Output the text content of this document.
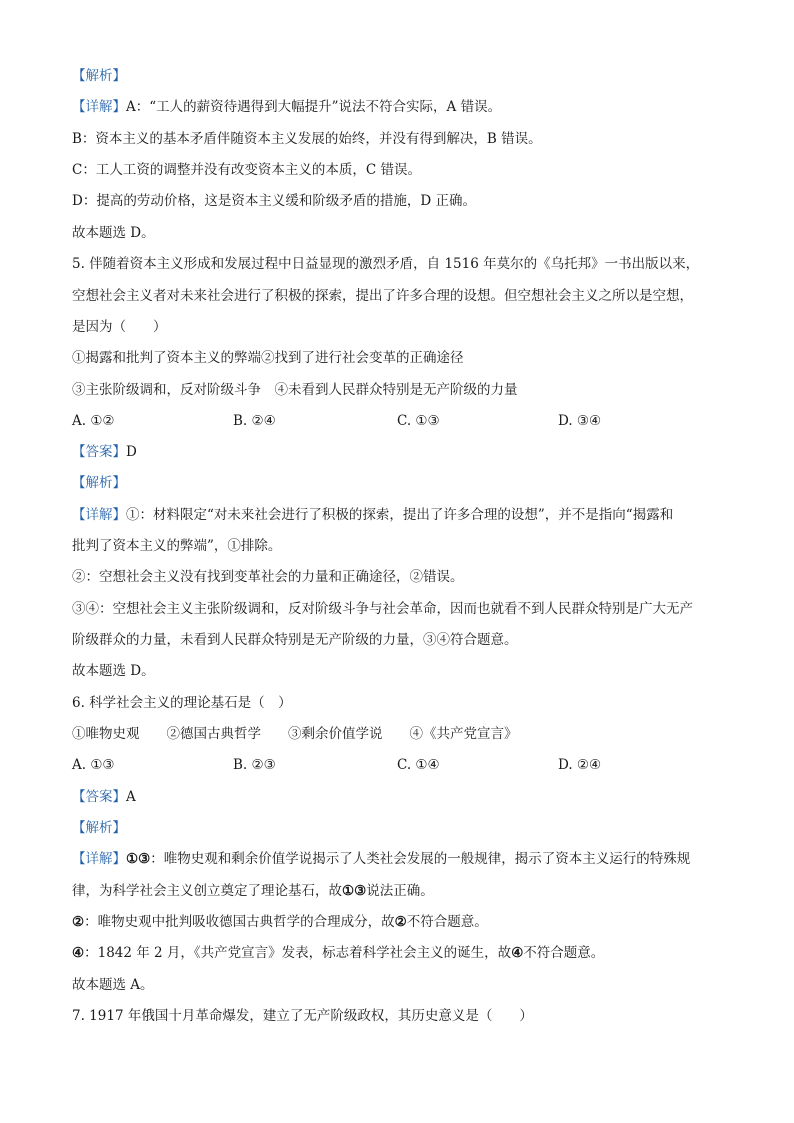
【解析】
【详解】A：“工人的薪资待遇得到大幅提升”说法不符合实际，A 错误。
B：资本主义的基本矛盾伴随资本主义发展的始终，并没有得到解决，B 错误。
C：工人工资的调整并没有改变资本主义的本质，C 错误。
D：提高的劳动价格，这是资本主义缓和阶级矛盾的措施，D 正确。
故本题选 D。
5. 伴随着资本主义形成和发展过程中日益显现的激烈矛盾，自 1516 年莫尔的《乌托邦》一书出版以来，
空想社会主义者对未来社会进行了积极的探索，提出了许多合理的设想。但空想社会主义之所以是空想，
是因为（　　）
①揭露和批判了资本主义的弊端②找到了进行社会变革的正确途径
③主张阶级调和，反对阶级斗争　④未看到人民群众特别是无产阶级的力量
A. ①②	B. ②④	C. ①③	D. ③④
【答案】D
【解析】
【详解】①：材料限定“对未来社会进行了积极的探索，提出了许多合理的设想”，并不是指向“揭露和
批判了资本主义的弊端”，①排除。
②：空想社会主义没有找到变革社会的力量和正确途径，②错误。
③④：空想社会主义主张阶级调和，反对阶级斗争与社会革命，因而也就看不到人民群众特别是广大无产
阶级群众的力量，未看到人民群众特别是无产阶级的力量，③④符合题意。
故本题选 D。
6. 科学社会主义的理论基石是（　）
①唯物史观　　②德国古典哲学　　③剩余价值学说　　④《共产党宣言》
A. ①③	B. ②③	C. ①④	D. ②④
【答案】A
【解析】
【详解】①③：唯物史观和剩余价值学说揭示了人类社会发展的一般规律，揭示了资本主义运行的特殊规
律，为科学社会主义创立奠定了理论基石，故①③说法正确。
②：唯物史观中批判吸收德国古典哲学的合理成分，故②不符合题意。
④：1842 年 2 月，《共产党宣言》发表，标志着科学社会主义的诞生，故④不符合题意。
故本题选 A。
7. 1917 年俄国十月革命爆发，建立了无产阶级政权，其历史意义是（　　）
